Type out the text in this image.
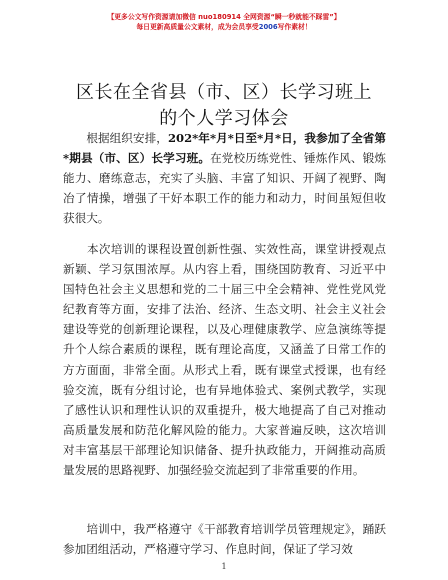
【更多公文写作资源请加微信 nuo180914 全网资源“瞬一秒就能不踩雷”】
每日更新高质量公文素材，成为会员享受2006写作素材！
区长在全省县（市、区）长学习班上的个人学习体会
　　根据组织安排，202*年*月*日至*月*日，我参加了全省第*期县（市、区）长学习班。在党校历练党性、锤炼作风、锻炼能力、磨练意志，充实了头脑、丰富了知识、开阔了视野、陶冶了情操，增强了干好本职工作的能力和动力，时间虽短但收获很大。
　　本次培训的课程设置创新性强、实效性高，课堂讲授观点新颖、学习氛围浓厚。从内容上看，围绕国防教育、习近平中国特色社会主义思想和党的二十届三中全会精神、党性党风党纪教育等方面，安排了法治、经济、生态文明、社会主义社会建设等党的创新理论课程，以及心理健康教学、应急演练等提升个人综合素质的课程，既有理论高度，又涵盖了日常工作的方方面面，非常全面。从形式上看，既有课堂式授课，也有经验交流，既有分组讨论，也有异地体验式、案例式教学，实现了感性认识和理性认识的双重提升，极大地提高了自己对推动高质量发展和防范化解风险的能力。大家普遍反映，这次培训对丰富基层干部理论知识储备、提升执政能力，开阔推动高质量发展的思路视野、加强经验交流起到了非常重要的作用。
　　培训中，我严格遵守《干部教育培训学员管理规定》，踊跃参加团组活动，严格遵守学习、作息时间，保证了学习效
1
